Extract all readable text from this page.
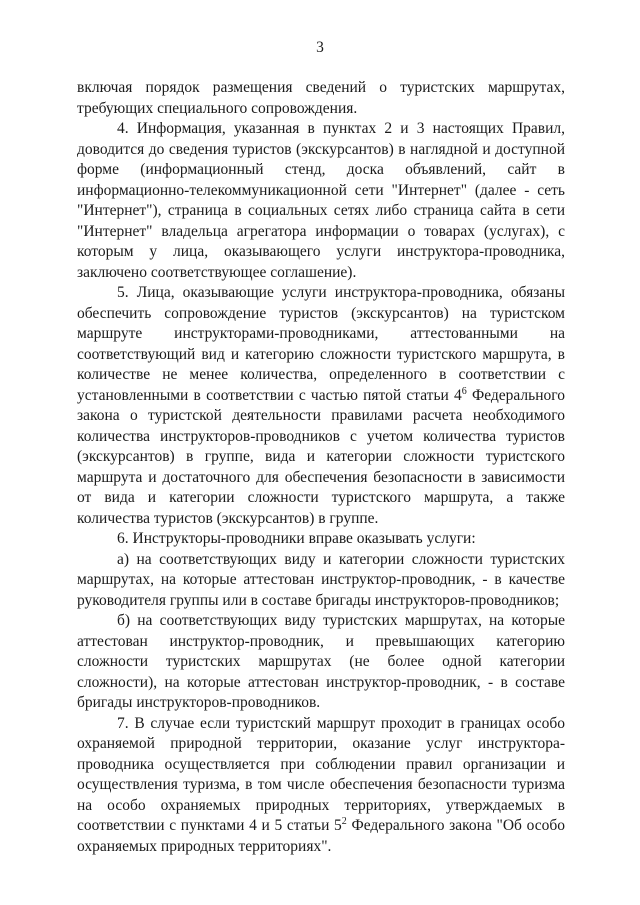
3

включая порядок размещения сведений о туристских маршрутах, требующих специального сопровождения.

4. Информация, указанная в пунктах 2 и 3 настоящих Правил, доводится до сведения туристов (экскурсантов) в наглядной и доступной форме (информационный стенд, доска объявлений, сайт в информационно-телекоммуникационной сети "Интернет" (далее - сеть "Интернет"), страница в социальных сетях либо страница сайта в сети "Интернет" владельца агрегатора информации о товарах (услугах), с которым у лица, оказывающего услуги инструктора-проводника, заключено соответствующее соглашение).

5. Лица, оказывающие услуги инструктора-проводника, обязаны обеспечить сопровождение туристов (экскурсантов) на туристском маршруте инструкторами-проводниками, аттестованными на соответствующий вид и категорию сложности туристского маршрута, в количестве не менее количества, определенного в соответствии с установленными в соответствии с частью пятой статьи $4^6$ Федерального закона о туристской деятельности правилами расчета необходимого количества инструкторов-проводников с учетом количества туристов (экскурсантов) в группе, вида и категории сложности туристского маршрута и достаточного для обеспечения безопасности в зависимости от вида и категории сложности туристского маршрута, а также количества туристов (экскурсантов) в группе.

6. Инструкторы-проводники вправе оказывать услуги:

а) на соответствующих виду и категории сложности туристских маршрутах, на которые аттестован инструктор-проводник, - в качестве руководителя группы или в составе бригады инструкторов-проводников;

б) на соответствующих виду туристских маршрутах, на которые аттестован инструктор-проводник, и превышающих категорию сложности туристских маршрутах (не более одной категории сложности), на которые аттестован инструктор-проводник, - в составе бригады инструкторов-проводников.

7. В случае если туристский маршрут проходит в границах особо охраняемой природной территории, оказание услуг инструктора-проводника осуществляется при соблюдении правил организации и осуществления туризма, в том числе обеспечения безопасности туризма на особо охраняемых природных территориях, утверждаемых в соответствии с пунктами 4 и 5 статьи $5^2$ Федерального закона "Об особо охраняемых природных территориях".
